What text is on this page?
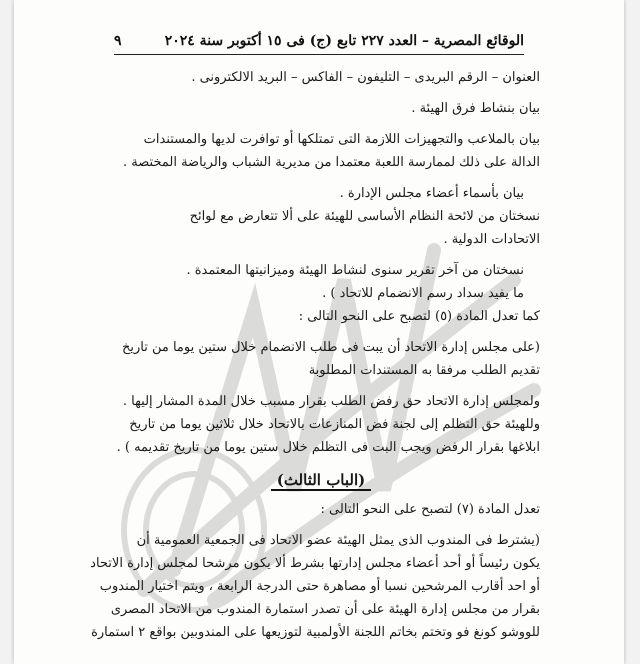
٩	الوقائع المصرية – العدد ٢٢٧ تابع (ج) فى ١٥ أكتوبر سنة ٢٠٢٤
العنوان – الرقم البريدى – التليفون – الفاكس – البريد الالكترونى .
بيان بنشاط فرق الهيئة .
بيان بالملاعب والتجهيزات اللازمة التى تمتلكها أو توافرت لديها والمستندات
الدالة على ذلك لممارسة اللعبة معتمدا من مديرية الشباب والرياضة المختصة .
بيان بأسماء أعضاء مجلس الإدارة .
نسختان من لائحة النظام الأساسى للهيئة على ألا تتعارض مع لوائح
الاتحادات الدولية .
نسختان من آخر تقرير سنوى لنشاط الهيئة وميزانيتها المعتمدة .
ما يفيد سداد رسم الانضمام للاتحاد ) .
كما تعدل المادة (٥) لتصبح على النحو التالى :
(على مجلس إدارة الاتحاد أن يبت فى طلب الانضمام خلال ستين يوما من تاريخ
تقديم الطلب مرفقا به المستندات المطلوبة
ولمجلس إدارة الاتحاد حق رفض الطلب بقرار مسبب خلال المدة المشار إليها .
وللهيئة حق التظلم إلى لجنة فض المنازعات بالاتحاد خلال ثلاثين يوما من تاريخ
ابلاغها بقرار الرفض ويجب البت فى التظلم خلال ستين يوما من تاريخ تقديمه ) .
(الباب الثالث)
تعدل المادة (٧) لتصبح على النحو التالى :
(يشترط فى المندوب الذى يمثل الهيئة عضو الاتحاد فى الجمعية العمومية أن
يكون رئيساً أو أحد أعضاء مجلس إدارتها بشرط ألا يكون مرشحا لمجلس إدارة الاتحاد
أو احد أقارب المرشحين نسبا أو مصاهرة حتى الدرجة الرابعة ، ويتم اختيار المندوب
بقرار من مجلس إدارة الهيئة على أن تصدر استمارة المندوب من الاتحاد المصرى
للووشو كونغ فو وتختم بخاتم اللجنة الأولمبية لتوزيعها على المندوبين بواقع ٢ استمارة
